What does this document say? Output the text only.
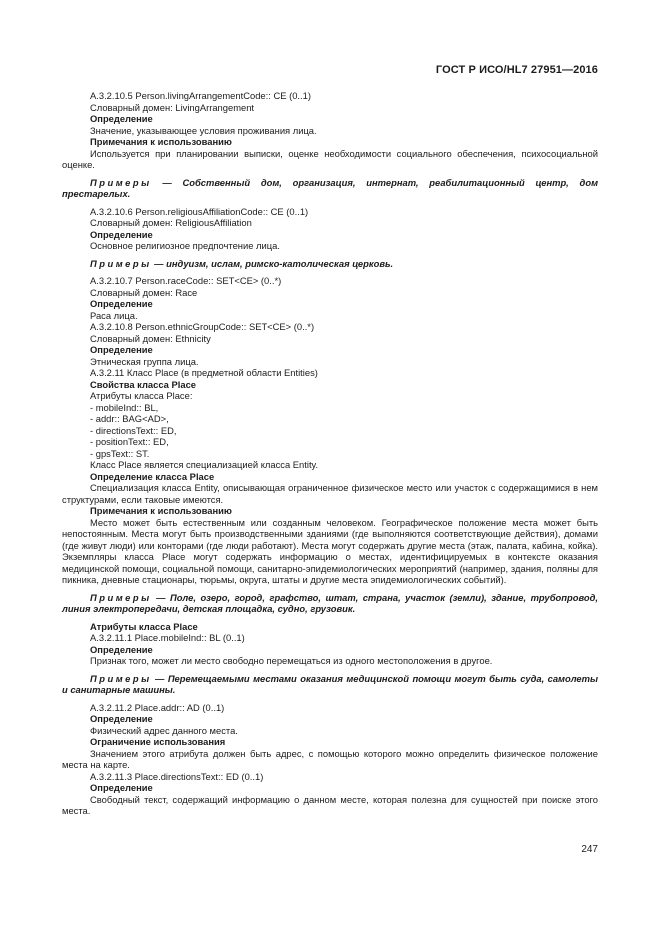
ГОСТ Р ИСО/HL7 27951—2016

А.3.2.10.5 Person.livingArrangementCode:: CE (0..1)

Словарный домен: LivingArrangement

Определение

Значение, указывающее условия проживания лица.

Примечания к использованию

Используется при планировании выписки, оценке необходимости социального обеспечения, психосоциальной оценке.

Примеры — Собственный дом, организация, интернат, реабилитационный центр, дом престарелых.

А.3.2.10.6 Person.religiousAffiliationCode:: CE (0..1)

Словарный домен: ReligiousAffiliation

Определение

Основное религиозное предпочтение лица.

Примеры — индуизм, ислам, римско-католическая церковь.

А.3.2.10.7 Person.raceCode:: SET<CE> (0..*)

Словарный домен: Race

Определение

Раса лица.

А.3.2.10.8 Person.ethnicGroupCode:: SET<CE> (0..*)

Словарный домен: Ethnicity

Определение

Этническая группа лица.

А.3.2.11 Класс Place (в предметной области Entities)

Свойства класса Place

Атрибуты класса Place:

- mobileInd:: BL,

- addr:: BAG<AD>,

- directionsText:: ED,

- positionText:: ED,

- gpsText:: ST.

Класс Place является специализацией класса Entity.

Определение класса Place

Специализация класса Entity, описывающая ограниченное физическое место или участок с содержащимися в нем структурами, если таковые имеются.

Примечания к использованию

Место может быть естественным или созданным человеком. Географическое положение места может быть непостоянным. Места могут быть производственными зданиями (где выполняются соответствующие действия), домами (где живут люди) или конторами (где люди работают). Места могут содержать другие места (этаж, палата, кабина, койка). Экземпляры класса Place могут содержать информацию о местах, идентифицируемых в контексте оказания медицинской помощи, социальной помощи, санитарно-эпидемиологических мероприятий (например, здания, поляны для пикника, дневные стационары, тюрьмы, округа, штаты и другие места эпидемиологических событий).

Примеры — Поле, озеро, город, графство, штат, страна, участок (земли), здание, трубопровод, линия электропередачи, детская площадка, судно, грузовик.

Атрибуты класса Place

А.3.2.11.1 Place.mobileInd:: BL (0..1)

Определение

Признак того, может ли место свободно перемещаться из одного местоположения в другое.

Примеры — Перемещаемыми местами оказания медицинской помощи могут быть суда, самолеты и санитарные машины.

А.3.2.11.2 Place.addr:: AD (0..1)

Определение

Физический адрес данного места.

Ограничение использования

Значением этого атрибута должен быть адрес, с помощью которого можно определить физическое положение места на карте.

А.3.2.11.3 Place.directionsText:: ED (0..1)

Определение

Свободный текст, содержащий информацию о данном месте, которая полезна для сущностей при поиске этого места.

247
